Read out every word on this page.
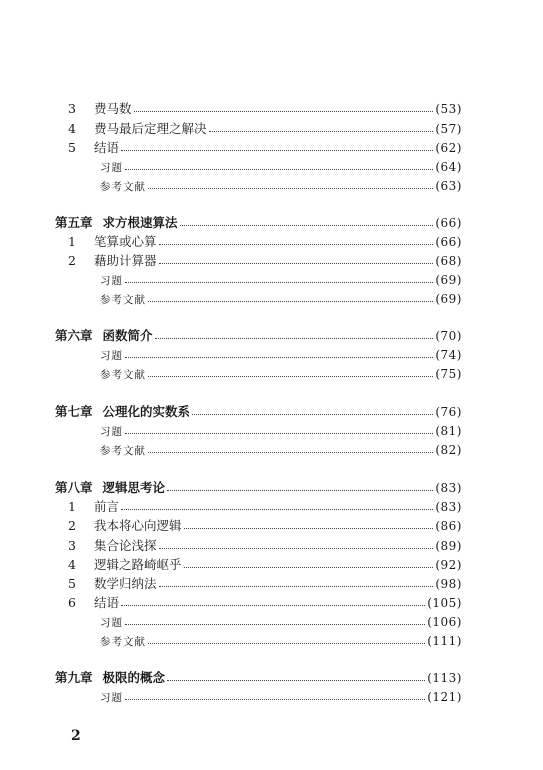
3	费马数	(53)
4	费马最后定理之解决	(57)
5	结语	(62)
习题	(64)
参考文献	(63)
第五章 求方根速算法	(66)
1	笔算或心算	(66)
2	藉助计算器	(68)
习题	(69)
参考文献	(69)
第六章 函数简介	(70)
习题	(74)
参考文献	(75)
第七章 公理化的实数系	(76)
习题	(81)
参考文献	(82)
第八章 逻辑思考论	(83)
1	前言	(83)
2	我本将心向逻辑	(86)
3	集合论浅探	(89)
4	逻辑之路崎岖乎	(92)
5	数学归纳法	(98)
6	结语	(105)
习题	(106)
参考文献	(111)
第九章 极限的概念	(113)
习题	(121)
2
